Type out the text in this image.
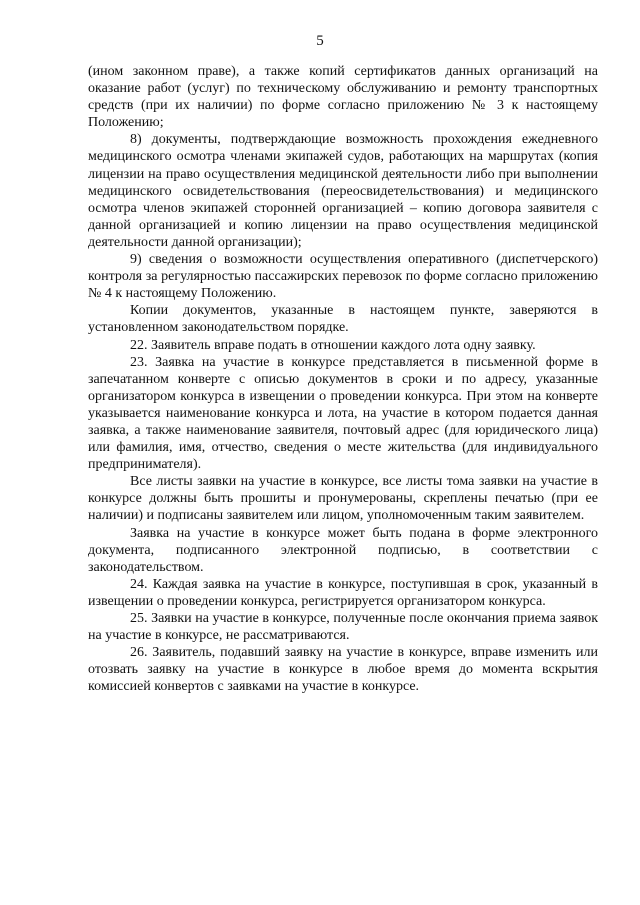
5

(ином законном праве), а также копий сертификатов данных организаций на оказание работ (услуг) по техническому обслуживанию и ремонту транспортных средств (при их наличии) по форме согласно приложению № 3 к настоящему Положению;

8) документы, подтверждающие возможность прохождения ежедневного медицинского осмотра членами экипажей судов, работающих на маршрутах (копия лицензии на право осуществления медицинской деятельности либо при выполнении медицинского освидетельствования (переосвидетельствования) и медицинского осмотра членов экипажей сторонней организацией – копию договора заявителя с данной организацией и копию лицензии на право осуществления медицинской деятельности данной организации);

9) сведения о возможности осуществления оперативного (диспетчерского) контроля за регулярностью пассажирских перевозок по форме согласно приложению № 4 к настоящему Положению.

Копии документов, указанные в настоящем пункте, заверяются в установленном законодательством порядке.

22. Заявитель вправе подать в отношении каждого лота одну заявку.

23. Заявка на участие в конкурсе представляется в письменной форме в запечатанном конверте с описью документов в сроки и по адресу, указанные организатором конкурса в извещении о проведении конкурса. При этом на конверте указывается наименование конкурса и лота, на участие в котором подается данная заявка, а также наименование заявителя, почтовый адрес (для юридического лица) или фамилия, имя, отчество, сведения о месте жительства (для индивидуального предпринимателя).

Все листы заявки на участие в конкурсе, все листы тома заявки на участие в конкурсе должны быть прошиты и пронумерованы, скреплены печатью (при ее наличии) и подписаны заявителем или лицом, уполномоченным таким заявителем.

Заявка на участие в конкурсе может быть подана в форме электронного документа, подписанного электронной подписью, в соответствии с законодательством.

24. Каждая заявка на участие в конкурсе, поступившая в срок, указанный в извещении о проведении конкурса, регистрируется организатором конкурса.

25. Заявки на участие в конкурсе, полученные после окончания приема заявок на участие в конкурсе, не рассматриваются.

26. Заявитель, подавший заявку на участие в конкурсе, вправе изменить или отозвать заявку на участие в конкурсе в любое время до момента вскрытия комиссией конвертов с заявками на участие в конкурсе.
